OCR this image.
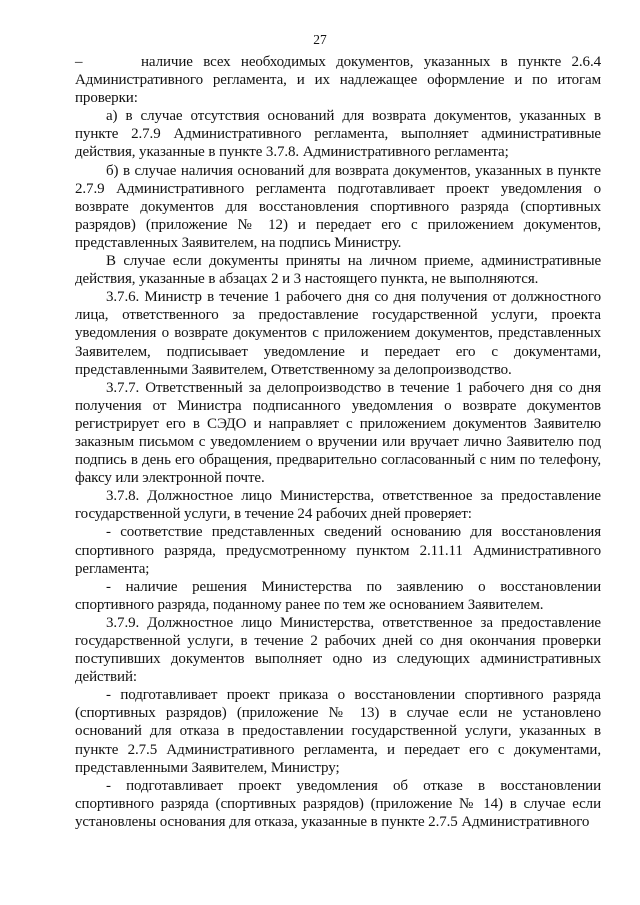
27

–	наличие всех необходимых документов, указанных в пункте 2.6.4 Административного регламента, и их надлежащее оформление и по итогам проверки:

а) в случае отсутствия оснований для возврата документов, указанных в пункте 2.7.9 Административного регламента, выполняет административные действия, указанные в пункте 3.7.8. Административного регламента;

б) в случае наличия оснований для возврата документов, указанных в пункте 2.7.9 Административного регламента подготавливает проект уведомления о возврате документов для восстановления спортивного разряда (спортивных разрядов) (приложение № 12) и передает его с приложением документов, представленных Заявителем, на подпись Министру.

В случае если документы приняты на личном приеме, административные действия, указанные в абзацах 2 и 3 настоящего пункта, не выполняются.

3.7.6. Министр в течение 1 рабочего дня со дня получения от должностного лица, ответственного за предоставление государственной услуги, проекта уведомления о возврате документов с приложением документов, представленных Заявителем, подписывает уведомление и передает его с документами, представленными Заявителем, Ответственному за делопроизводство.

3.7.7. Ответственный за делопроизводство в течение 1 рабочего дня со дня получения от Министра подписанного уведомления о возврате документов регистрирует его в СЭДО и направляет с приложением документов Заявителю заказным письмом с уведомлением о вручении или вручает лично Заявителю под подпись в день его обращения, предварительно согласованный с ним по телефону, факсу или электронной почте.

3.7.8. Должностное лицо Министерства, ответственное за предоставление государственной услуги, в течение 24 рабочих дней проверяет:

- соответствие представленных сведений основанию для восстановления спортивного разряда, предусмотренному пунктом 2.11.11 Административного регламента;

- наличие решения Министерства по заявлению о восстановлении спортивного разряда, поданному ранее по тем же основанием Заявителем.

3.7.9. Должностное лицо Министерства, ответственное за предоставление государственной услуги, в течение 2 рабочих дней со дня окончания проверки поступивших документов выполняет одно из следующих административных действий:

- подготавливает проект приказа о восстановлении спортивного разряда (спортивных разрядов) (приложение № 13) в случае если не установлено оснований для отказа в предоставлении государственной услуги, указанных в пункте 2.7.5 Административного регламента, и передает его с документами, представленными Заявителем, Министру;

- подготавливает проект уведомления об отказе в восстановлении спортивного разряда (спортивных разрядов) (приложение № 14) в случае если установлены основания для отказа, указанные в пункте 2.7.5 Административного
